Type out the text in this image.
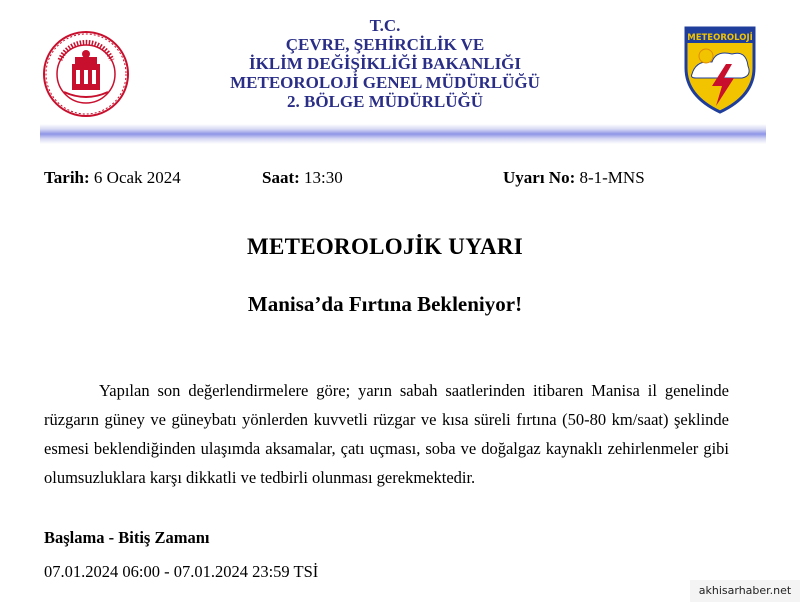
T.C.
ÇEVRE, ŞEHİRCİLİK VE
İKLİM DEĞİŞİKLİĞİ BAKANLIĞI
METEOROLOJİ GENEL MÜDÜRLÜĞÜ
2. BÖLGE MÜDÜRLÜĞÜ
METEOROLOJİ
Tarih: 6 Ocak 2024	Saat: 13:30	Uyarı No: 8-1-MNS
METEOROLOJİK UYARI
Manisa’da Fırtına Bekleniyor!
Yapılan son değerlendirmelere göre; yarın sabah saatlerinden itibaren Manisa il genelinde rüzgarın güney ve güneybatı yönlerden kuvvetli rüzgar ve kısa süreli fırtına (50-80 km/saat) şeklinde esmesi beklendiğinden ulaşımda aksamalar, çatı uçması, soba ve doğalgaz kaynaklı zehirlenmeler gibi olumsuzluklara karşı dikkatli ve tedbirli olunması gerekmektedir.
Başlama - Bitiş Zamanı
07.01.2024 06:00 - 07.01.2024 23:59 TSİ
akhisarhaber.net
